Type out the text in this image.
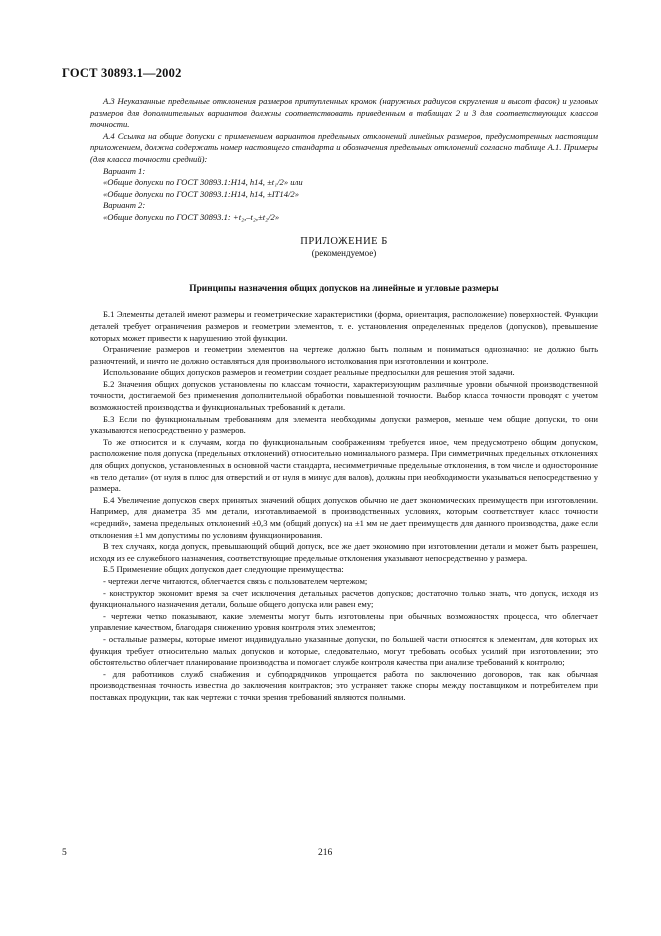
ГОСТ 30893.1—2002

А.3 Неуказанные предельные отклонения размеров притупленных кромок (наружных радиусов скругления и высот фасок) и угловых размеров для дополнительных вариантов должны соответствовать приведенным в таблицах 2 и 3 для соответствующих классов точности.

А.4 Ссылка на общие допуски с применением вариантов предельных отклонений линейных размеров, предусмотренных настоящим приложением, должна содержать номер настоящего стандарта и обозначения предельных отклонений согласно таблице А.1. Примеры (для класса точности средний):

Вариант 1:

«Общие допуски по ГОСТ 30893.1:H14, h14, ±t₁/2» или

«Общие допуски по ГОСТ 30893.1:H14, h14, ±IT14/2»

Вариант 2:

«Общие допуски по ГОСТ 30893.1: +t₂,–t₂,±t₂/2»

ПРИЛОЖЕНИЕ Б
(рекомендуемое)
Принципы назначения общих допусков на линейные и угловые размеры

Б.1 Элементы деталей имеют размеры и геометрические характеристики (форма, ориентация, расположение) поверхностей. Функции деталей требует ограничения размеров и геометрии элементов, т. е. установления определенных пределов (допусков), превышение которых может привести к нарушению этой функции.

Ограничение размеров и геометрии элементов на чертеже должно быть полным и пониматься однозначно: не должно быть разночтений, и ничто не должно оставляться для произвольного истолкования при изготовлении и контроле.

Использование общих допусков размеров и геометрии создает реальные предпосылки для решения этой задачи.

Б.2 Значения общих допусков установлены по классам точности, характеризующим различные уровни обычной производственной точности, достигаемой без применения дополнительной обработки повышенной точности. Выбор класса точности проводят с учетом возможностей производства и функциональных требований к детали.

Б.3 Если по функциональным требованиям для элемента необходимы допуски размеров, меньше чем общие допуски, то они указываются непосредственно у размеров.

То же относится и к случаям, когда по функциональным соображениям требуется иное, чем предусмотрено общим допуском, расположение поля допуска (предельных отклонений) относительно номинального размера. При симметричных предельных отклонениях для общих допусков, установленных в основной части стандарта, несимметричные предельные отклонения, в том числе и односторонние «в тело детали» (от нуля в плюс для отверстий и от нуля в минус для валов), должны при необходимости указываться непосредственно у размера.

Б.4 Увеличение допусков сверх принятых значений общих допусков обычно не дает экономических преимуществ при изготовлении. Например, для диаметра 35 мм детали, изготавливаемой в производственных условиях, которым соответствует класс точности «средний», замена предельных отклонений ±0,3 мм (общий допуск) на ±1 мм не дает преимуществ для данного производства, даже если отклонения ±1 мм допустимы по условиям функционирования.

В тех случаях, когда допуск, превышающий общий допуск, все же дает экономию при изготовлении детали и может быть разрешен, исходя из ее служебного назначения, соответствующие предельные отклонения указывают непосредственно у размера.

Б.5 Применение общих допусков дает следующие преимущества:

- чертежи легче читаются, облегчается связь с пользователем чертежом;

- конструктор экономит время за счет исключения детальных расчетов допусков; достаточно только знать, что допуск, исходя из функционального назначения детали, больше общего допуска или равен ему;

- чертежи четко показывают, какие элементы могут быть изготовлены при обычных возможностях процесса, что облегчает управление качеством, благодаря снижению уровня контроля этих элементов;

- остальные размеры, которые имеют индивидуально указанные допуски, по большей части относятся к элементам, для которых их функция требует относительно малых допусков и которые, следовательно, могут требовать особых усилий при изготовлении; это обстоятельство облегчает планирование производства и помогает службе контроля качества при анализе требований к контролю;

- для работников служб снабжения и субподрядчиков упрощается работа по заключению договоров, так как обычная производственная точность известна до заключения контрактов; это устраняет также споры между поставщиком и потребителем при поставках продукции, так как чертежи с точки зрения требований являются полными.

5	216
